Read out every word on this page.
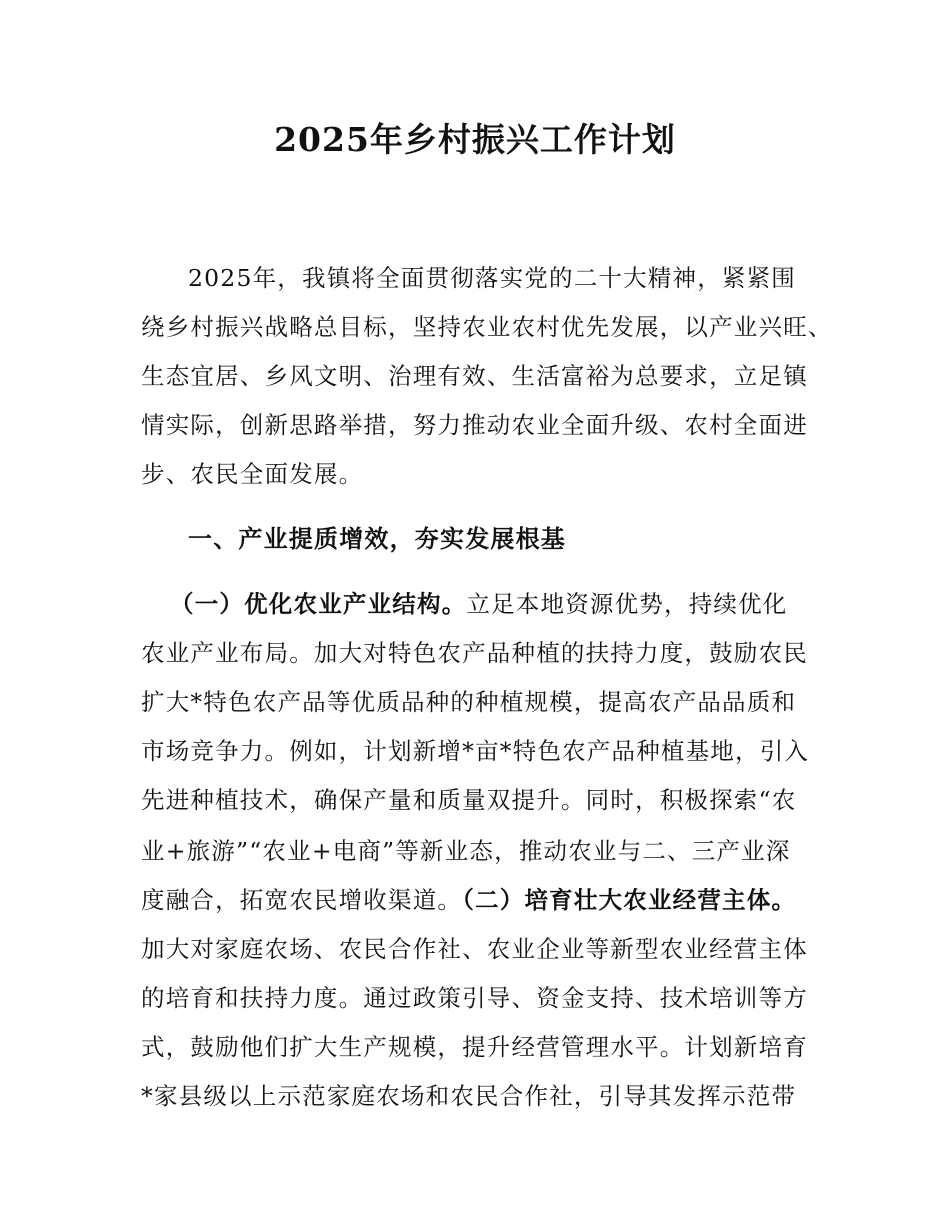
2025年乡村振兴工作计划
2025年，我镇将全面贯彻落实党的二十大精神，紧紧围
绕乡村振兴战略总目标，坚持农业农村优先发展，以产业兴旺、
生态宜居、乡风文明、治理有效、生活富裕为总要求，立足镇
情实际，创新思路举措，努力推动农业全面升级、农村全面进
步、农民全面发展。
一、产业提质增效，夯实发展根基
（一）优化农业产业结构。立足本地资源优势，持续优化
农业产业布局。加大对特色农产品种植的扶持力度，鼓励农民
扩大*特色农产品等优质品种的种植规模，提高农产品品质和
市场竞争力。例如，计划新增*亩*特色农产品种植基地，引入
先进种植技术，确保产量和质量双提升。同时，积极探索“农
业+旅游”“农业+电商”等新业态，推动农业与二、三产业深
度融合，拓宽农民增收渠道。（二）培育壮大农业经营主体。
加大对家庭农场、农民合作社、农业企业等新型农业经营主体
的培育和扶持力度。通过政策引导、资金支持、技术培训等方
式，鼓励他们扩大生产规模，提升经营管理水平。计划新培育
*家县级以上示范家庭农场和农民合作社，引导其发挥示范带
